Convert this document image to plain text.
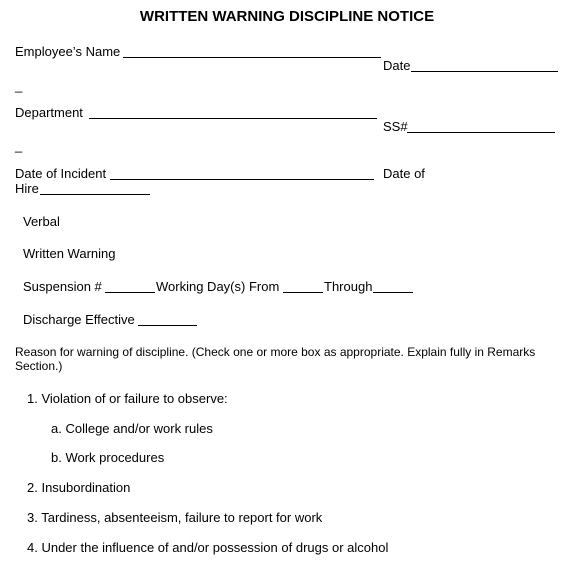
WRITTEN WARNING DISCIPLINE NOTICE
Employee’s Name
Date
_
Department
SS#
_
Date of Incident	Date of
Hire
Verbal
Written Warning
Suspension #	Working Day(s) From	Through
Discharge Effective
Reason for warning of discipline. (Check one or more box as appropriate. Explain fully in Remarks Section.)
1. Violation of or failure to observe:
a. College and/or work rules
b. Work procedures
2. Insubordination
3. Tardiness, absenteeism, failure to report for work
4. Under the influence of and/or possession of drugs or alcohol
